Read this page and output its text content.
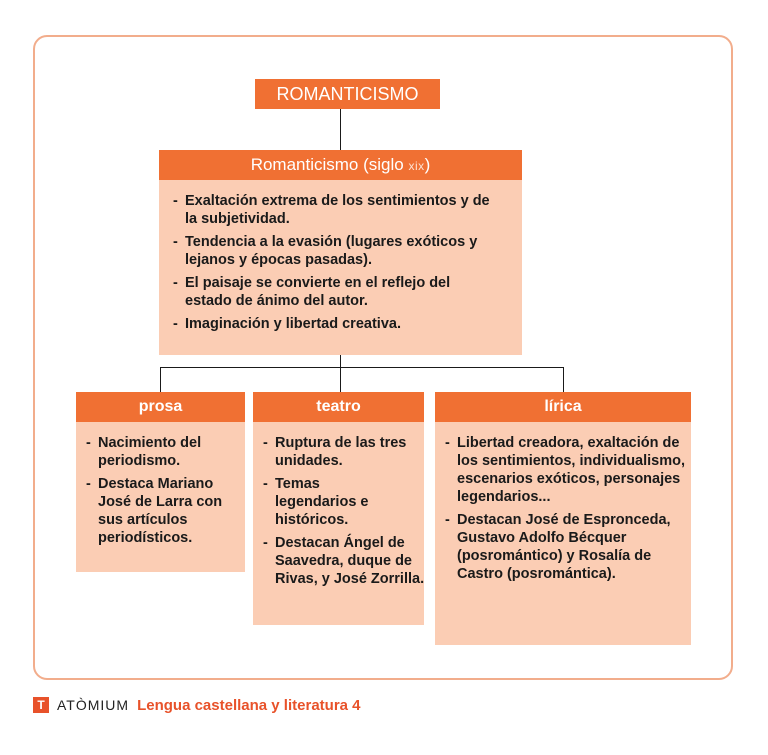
ROMANTICISMO
Romanticismo (siglo xix)
- Exaltación extrema de los sentimientos y de la subjetividad.
- Tendencia a la evasión (lugares exóticos y lejanos y épocas pasadas).
- El paisaje se convierte en el reflejo del estado de ánimo del autor.
- Imaginación y libertad creativa.
prosa
- Nacimiento del periodismo.
- Destaca Mariano José de Larra con sus artículos periodísticos.
teatro
- Ruptura de las tres unidades.
- Temas legendarios e históricos.
- Destacan Ángel de Saavedra, duque de Rivas, y José Zorrilla.
lírica
- Libertad creadora, exaltación de los sentimientos, individualismo, escenarios exóticos, personajes legendarios...
- Destacan José de Espronceda, Gustavo Adolfo Bécquer (posromántico) y Rosalía de Castro (posromántica).
T ATÒMIUM Lengua castellana y literatura 4
